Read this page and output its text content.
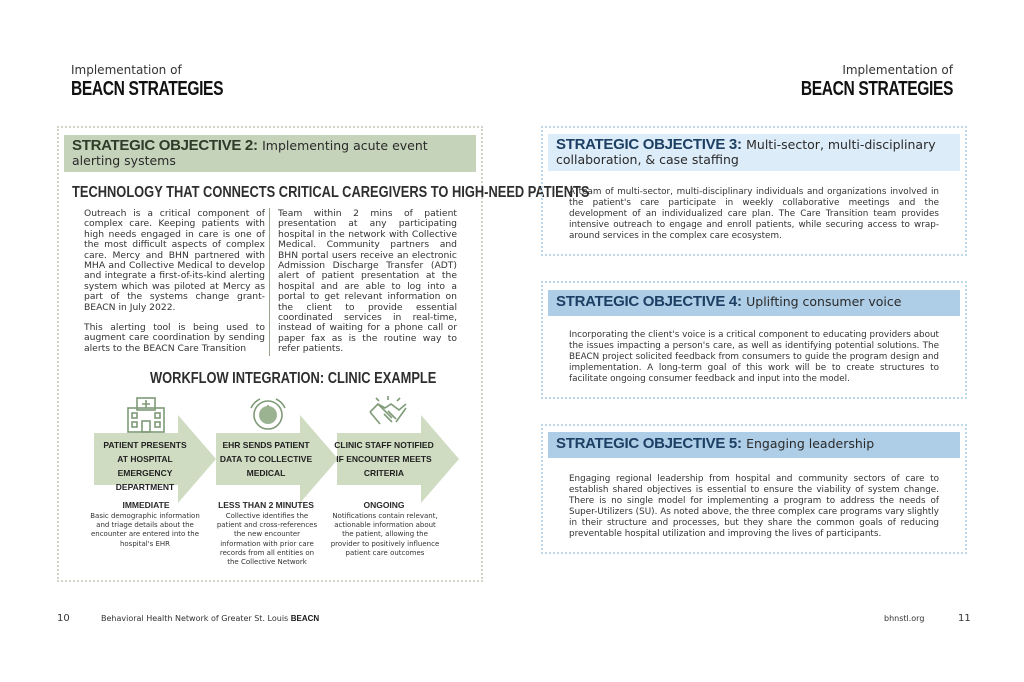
Implementation of
BEACN STRATEGIES
Implementation of
BEACN STRATEGIES
STRATEGIC OBJECTIVE 2: Implementing acute event alerting systems
TECHNOLOGY THAT CONNECTS CRITICAL CAREGIVERS TO HIGH-NEED PATIENTS

Outreach is a critical component of complex care. Keeping patients with high needs engaged in care is one of the most difficult aspects of complex care. Mercy and BHN partnered with MHA and Collective Medical to develop and integrate a first-of-its-kind alerting system which was piloted at Mercy as part of the systems change grant- BEACN in July 2022.

This alerting tool is being used to augment care coordination by sending alerts to the BEACN Care Transition

Team within 2 mins of patient presentation at any participating hospital in the network with Collective Medical. Community partners and BHN portal users receive an electronic Admission Discharge Transfer (ADT) alert of patient presentation at the hospital and are able to log into a portal to get relevant information on the client to provide essential coordinated services in real-time, instead of waiting for a phone call or paper fax as is the routine way to refer patients.

WORKFLOW INTEGRATION: CLINIC EXAMPLE
PATIENT PRESENTS
AT HOSPITAL
EMERGENCY DEPARTMENT
EHR SENDS PATIENT
DATA TO COLLECTIVE
MEDICAL
CLINIC STAFF NOTIFIED
IF ENCOUNTER MEETS
CRITERIA
IMMEDIATE	LESS THAN 2 MINUTES	ONGOING
Basic demographic information and triage details about the encounter are entered into the hospital's EHR
Collective identifies the patient and cross-references the new encounter information with prior care records from all entities on the Collective Network
Notifications contain relevant, actionable information about the patient, allowing the provider to positively influence patient care outcomes
STRATEGIC OBJECTIVE 3: Multi-sector, multi-disciplinary collaboration, & case staffing
A team of multi-sector, multi-disciplinary individuals and organizations involved in the patient's care participate in weekly collaborative meetings and the development of an individualized care plan. The Care Transition team provides intensive outreach to engage and enroll patients, while securing access to wrap-around services in the complex care ecosystem.
STRATEGIC OBJECTIVE 4: Uplifting consumer voice
Incorporating the client's voice is a critical component to educating providers about the issues impacting a person's care, as well as identifying potential solutions. The BEACN project solicited feedback from consumers to guide the program design and implementation. A long-term goal of this work will be to create structures to facilitate ongoing consumer feedback and input into the model.
STRATEGIC OBJECTIVE 5: Engaging leadership
Engaging regional leadership from hospital and community sectors of care to establish shared objectives is essential to ensure the viability of system change. There is no single model for implementing a program to address the needs of Super-Utilizers (SU). As noted above, the three complex care programs vary slightly in their structure and processes, but they share the common goals of reducing preventable hospital utilization and improving the lives of participants.
10	Behavioral Health Network of Greater St. Louis BEACN	bhnstl.org	11
